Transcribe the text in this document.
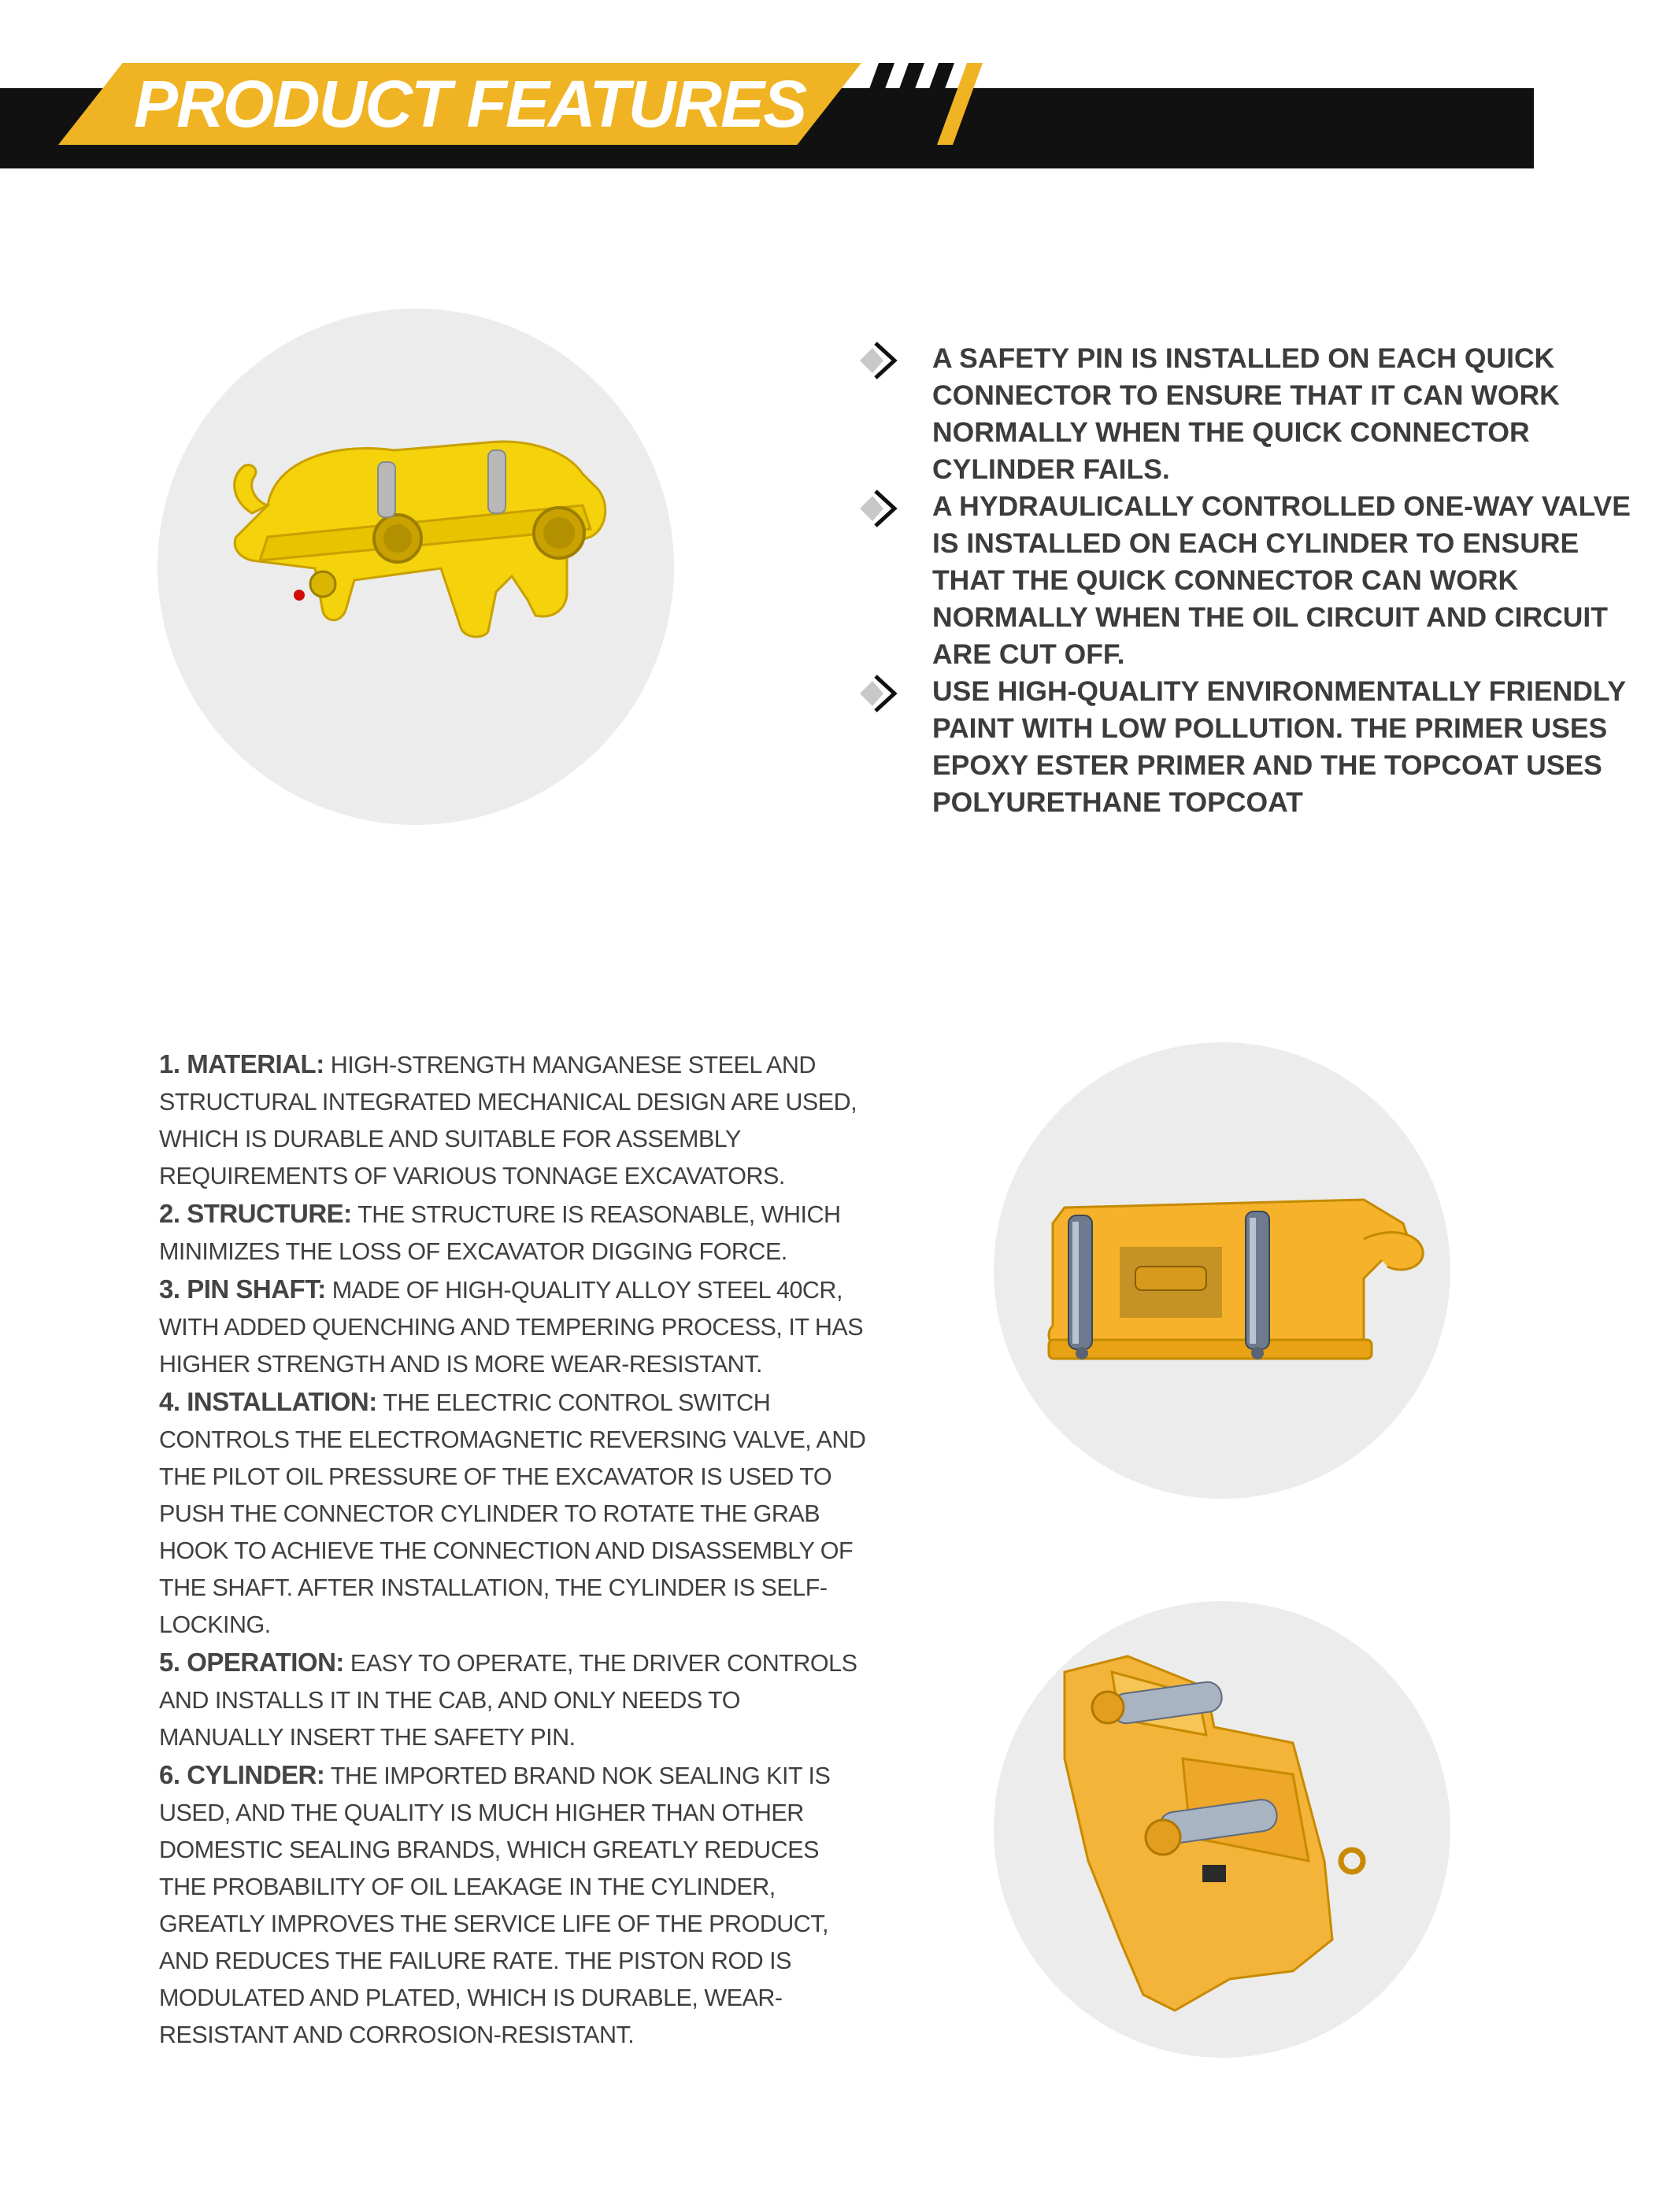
PRODUCT FEATURES
A SAFETY PIN IS INSTALLED ON EACH QUICK CONNECTOR TO ENSURE THAT IT CAN WORK NORMALLY WHEN THE QUICK CONNECTOR CYLINDER FAILS.
A HYDRAULICALLY CONTROLLED ONE-WAY VALVE IS INSTALLED ON EACH CYLINDER TO ENSURE THAT THE QUICK CONNECTOR CAN WORK NORMALLY WHEN THE OIL CIRCUIT AND CIRCUIT ARE CUT OFF.
USE HIGH-QUALITY ENVIRONMENTALLY FRIENDLY PAINT WITH LOW POLLUTION. THE PRIMER USES EPOXY ESTER PRIMER AND THE TOPCOAT USES POLYURETHANE TOPCOAT
1. MATERIAL: HIGH-STRENGTH MANGANESE STEEL AND STRUCTURAL INTEGRATED MECHANICAL DESIGN ARE USED, WHICH IS DURABLE AND SUITABLE FOR ASSEMBLY REQUIREMENTS OF VARIOUS TONNAGE EXCAVATORS.
2. STRUCTURE: THE STRUCTURE IS REASONABLE, WHICH MINIMIZES THE LOSS OF EXCAVATOR DIGGING FORCE.
3. PIN SHAFT: MADE OF HIGH-QUALITY ALLOY STEEL 40CR, WITH ADDED QUENCHING AND TEMPERING PROCESS, IT HAS HIGHER STRENGTH AND IS MORE WEAR-RESISTANT.
4. INSTALLATION: THE ELECTRIC CONTROL SWITCH CONTROLS THE ELECTROMAGNETIC REVERSING VALVE, AND THE PILOT OIL PRESSURE OF THE EXCAVATOR IS USED TO PUSH THE CONNECTOR CYLINDER TO ROTATE THE GRAB HOOK TO ACHIEVE THE CONNECTION AND DISASSEMBLY OF THE SHAFT. AFTER INSTALLATION, THE CYLINDER IS SELF-LOCKING.
5. OPERATION: EASY TO OPERATE, THE DRIVER CONTROLS AND INSTALLS IT IN THE CAB, AND ONLY NEEDS TO MANUALLY INSERT THE SAFETY PIN.
6. CYLINDER: THE IMPORTED BRAND NOK SEALING KIT IS USED, AND THE QUALITY IS MUCH HIGHER THAN OTHER DOMESTIC SEALING BRANDS, WHICH GREATLY REDUCES THE PROBABILITY OF OIL LEAKAGE IN THE CYLINDER, GREATLY IMPROVES THE SERVICE LIFE OF THE PRODUCT, AND REDUCES THE FAILURE RATE. THE PISTON ROD IS MODULATED AND PLATED, WHICH IS DURABLE, WEAR-RESISTANT AND CORROSION-RESISTANT.
